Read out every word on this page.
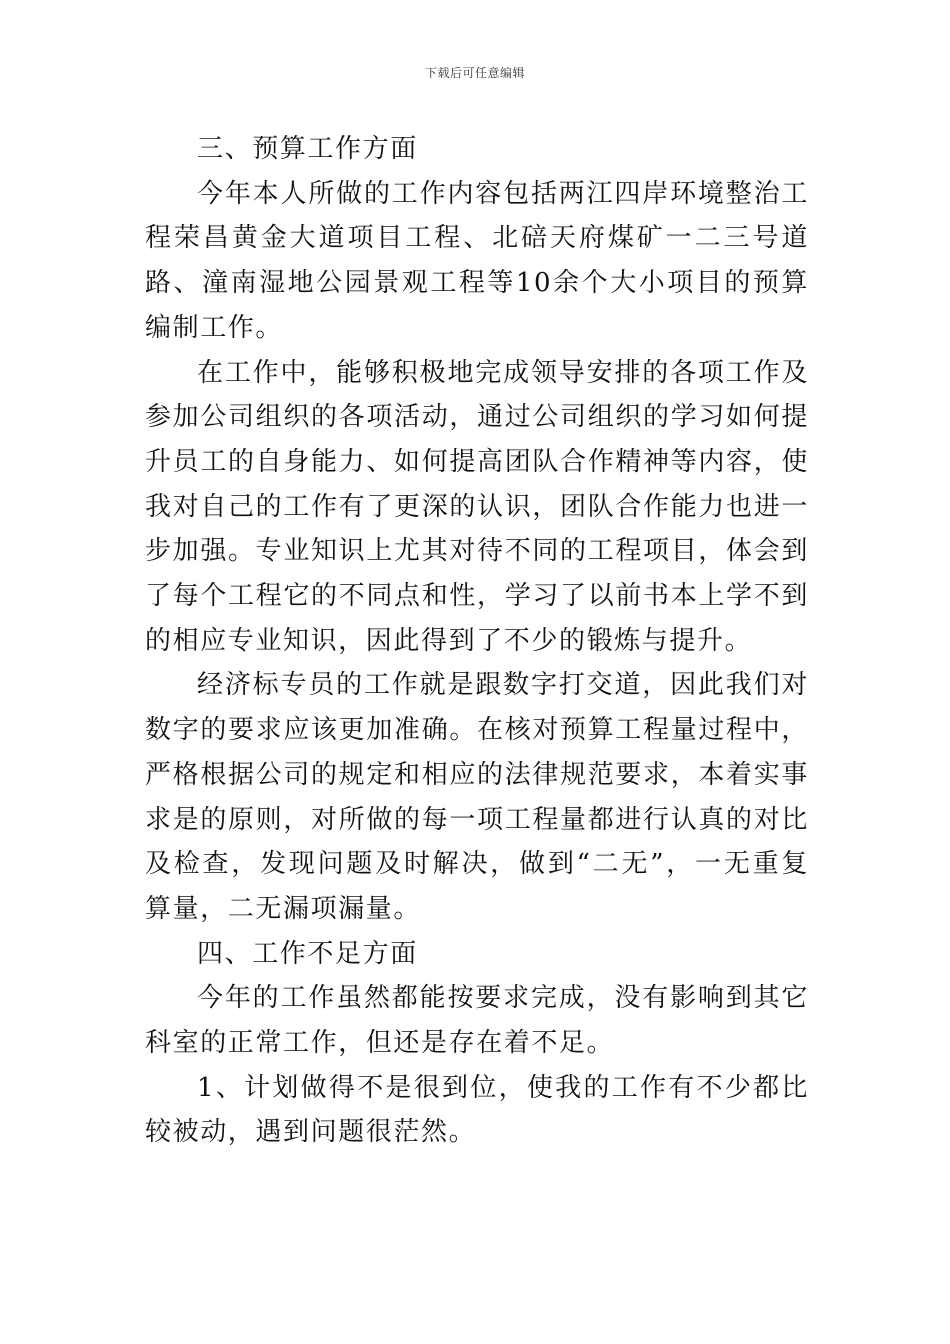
下载后可任意编辑

三、预算工作方面

今年本人所做的工作内容包括两江四岸环境整治工程荣昌黄金大道项目工程、北碚天府煤矿一二三号道路、潼南湿地公园景观工程等10余个大小项目的预算编制工作。

在工作中，能够积极地完成领导安排的各项工作及参加公司组织的各项活动，通过公司组织的学习如何提升员工的自身能力、如何提高团队合作精神等内容，使我对自己的工作有了更深的认识，团队合作能力也进一步加强。专业知识上尤其对待不同的工程项目，体会到了每个工程它的不同点和性，学习了以前书本上学不到的相应专业知识，因此得到了不少的锻炼与提升。

经济标专员的工作就是跟数字打交道，因此我们对数字的要求应该更加准确。在核对预算工程量过程中，严格根据公司的规定和相应的法律规范要求，本着实事求是的原则，对所做的每一项工程量都进行认真的对比及检查，发现问题及时解决，做到“二无”，一无重复算量，二无漏项漏量。

四、工作不足方面

今年的工作虽然都能按要求完成，没有影响到其它科室的正常工作，但还是存在着不足。

1、计划做得不是很到位，使我的工作有不少都比较被动，遇到问题很茫然。
